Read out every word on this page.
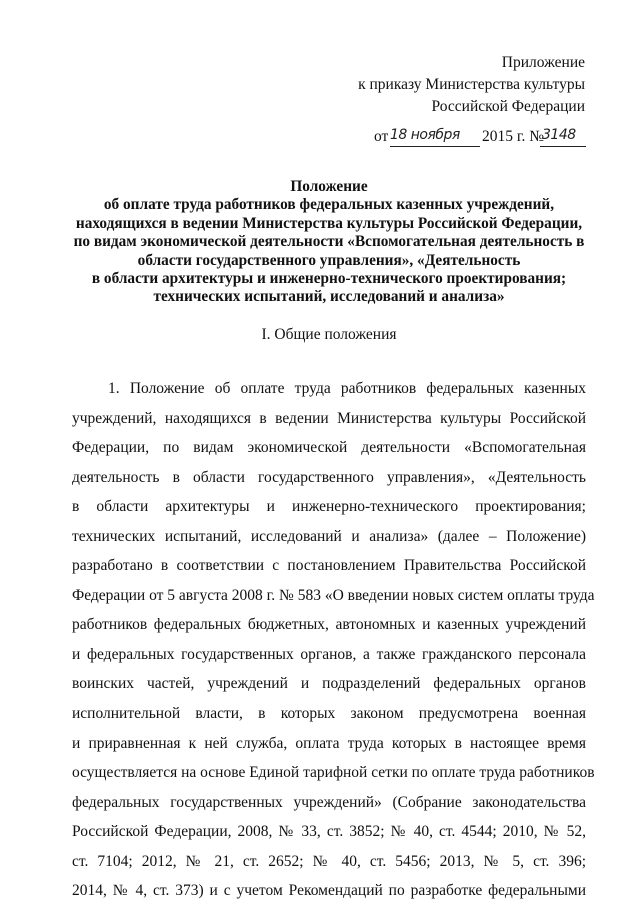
Приложение
к приказу Министерства культуры
Российской Федерации
от 18 ноября 2015 г. №
3148
Положение
об оплате труда работников федеральных казенных учреждений,
находящихся в ведении Министерства культуры Российской Федерации,
по видам экономической деятельности «Вспомогательная деятельность в
области государственного управления», «Деятельность
в области архитектуры и инженерно-технического проектирования;
технических испытаний, исследований и анализа»
I. Общие положения
1. Положение об оплате труда работников федеральных казенных
учреждений, находящихся в ведении Министерства культуры Российской
Федерации, по видам экономической деятельности «Вспомогательная
деятельность в области государственного управления», «Деятельность
в области архитектуры и инженерно-технического проектирования;
технических испытаний, исследований и анализа» (далее – Положение)
разработано в соответствии с постановлением Правительства Российской
Федерации от 5 августа 2008 г. № 583 «О введении новых систем оплаты труда
работников федеральных бюджетных, автономных и казенных учреждений
и федеральных государственных органов, а также гражданского персонала
воинских частей, учреждений и подразделений федеральных органов
исполнительной власти, в которых законом предусмотрена военная
и приравненная к ней служба, оплата труда которых в настоящее время
осуществляется на основе Единой тарифной сетки по оплате труда работников
федеральных государственных учреждений» (Собрание законодательства
Российской Федерации, 2008, № 33, ст. 3852; № 40, ст. 4544; 2010, № 52,
ст. 7104; 2012, № 21, ст. 2652; № 40, ст. 5456; 2013, № 5, ст. 396;
2014, № 4, ст. 373) и с учетом Рекомендаций по разработке федеральными
